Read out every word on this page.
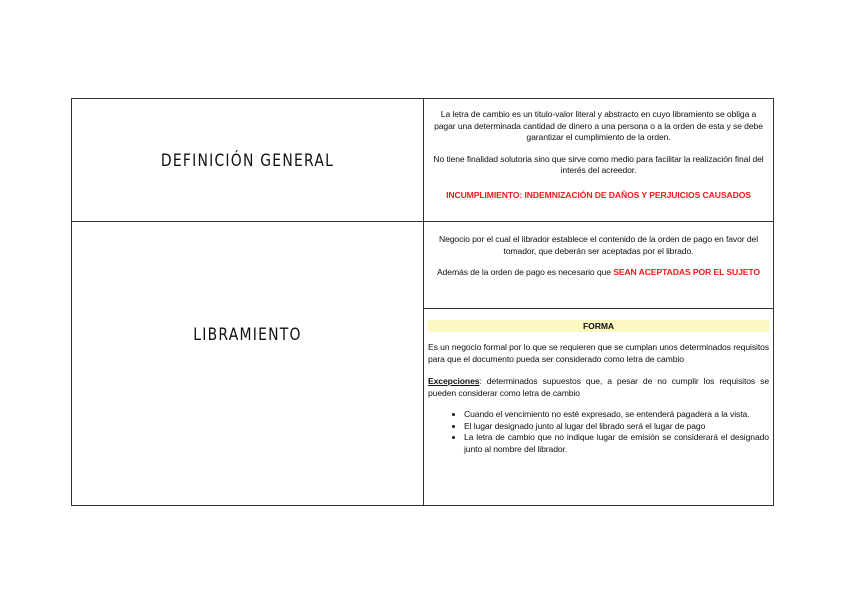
DEFINICIÓN GENERAL
LIBRAMIENTO

La letra de cambio es un titulo-valor literal y abstracto en cuyo libramiento se obliga a pagar una determinada cantidad de dinero a una persona o a la orden de esta y se debe garantizar el cumplimiento de la orden.

No tiene finalidad solutoria sino que sirve como medio para facilitar la realización final del interés del acreedor.

INCUMPLIMIENTO: INDEMNIZACIÓN DE DAÑOS Y PERJUICIOS CAUSADOS

Negocio por el cual el librador establece el contenido de la orden de pago en favor del tomador, que deberán ser aceptadas por el librado.

Además de la orden de pago es necesario que SEAN ACEPTADAS POR EL SUJETO

FORMA

Es un negocio formal por lo que se requieren que se cumplan unos determinados requisitos para que el documento pueda ser considerado como letra de cambio

Excepciones: determinados supuestos que, a pesar de no cumplir los requisitos se pueden considerar como letra de cambio

• Cuando el vencimiento no esté expresado, se entenderá pagadera a la vista.
• El lugar designado junto al lugar del librado será el lugar de pago
• La letra de cambio que no indique lugar de emisión se considerará el designado junto al nombre del librador.
